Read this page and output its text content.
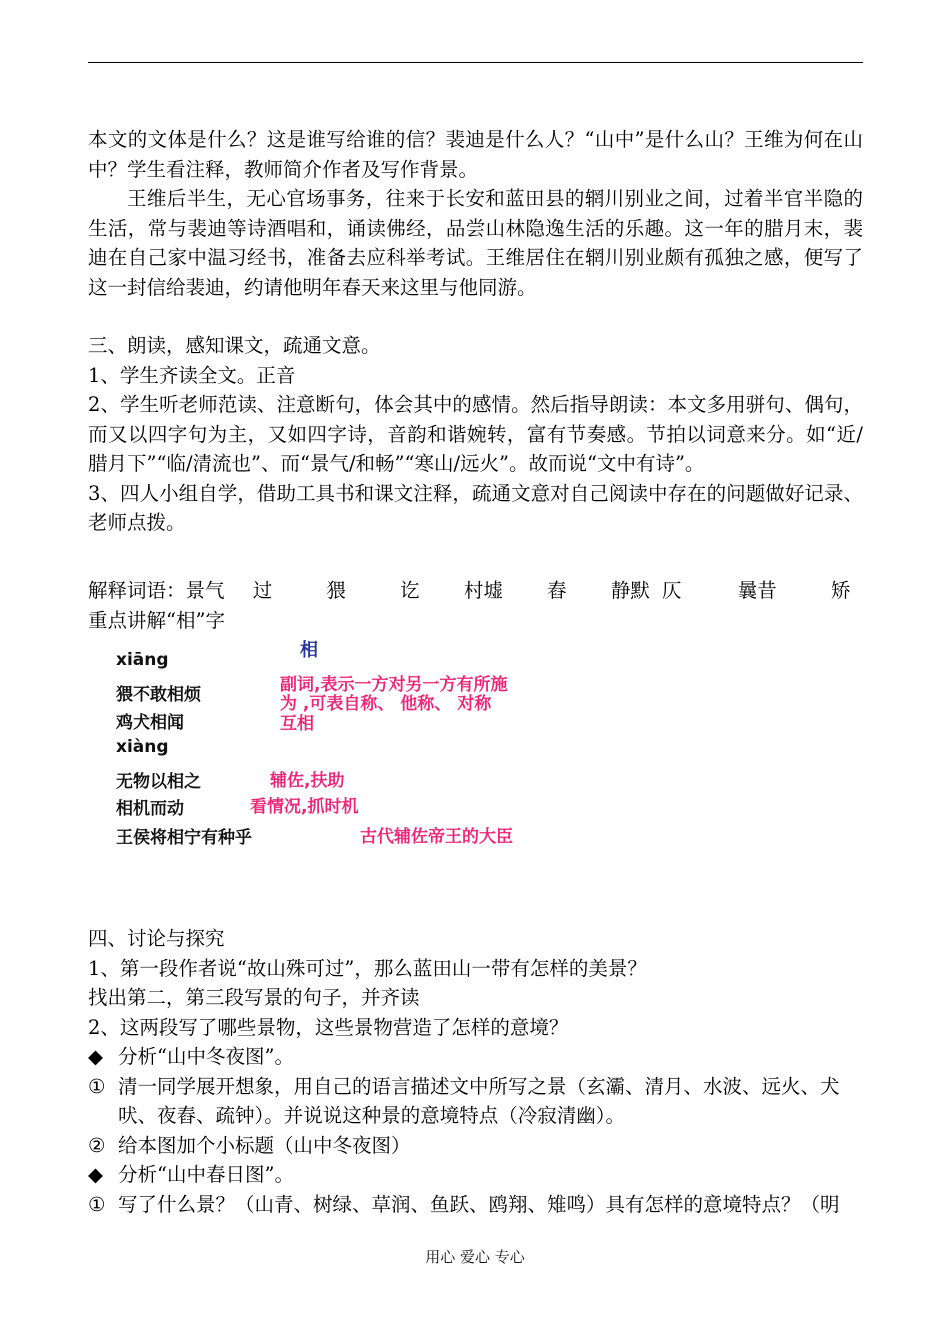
本文的文体是什么？这是谁写给谁的信？裴迪是什么人？“山中”是什么山？王维为何在山中？学生看注释，教师简介作者及写作背景。

王维后半生，无心官场事务，往来于长安和蓝田县的辋川别业之间，过着半官半隐的生活，常与裴迪等诗酒唱和，诵读佛经，品尝山林隐逸生活的乐趣。这一年的腊月末，裴迪在自己家中温习经书，准备去应科举考试。王维居住在辋川别业颇有孤独之感，便写了这一封信给裴迪，约请他明年春天来这里与他同游。

三、朗读，感知课文，疏通文意。

1、学生齐读全文。正音

2、学生听老师范读、注意断句，体会其中的感情。然后指导朗读：本文多用骈句、偶句，而又以四字句为主，又如四字诗，音韵和谐婉转，富有节奏感。节拍以词意来分。如“近/腊月下”“临/清流也”、而“景气/和畅”“寒山/远火”。故而说“文中有诗”。

3、四人小组自学，借助工具书和课文注释，疏通文意对自己阅读中存在的问题做好记录、老师点拨。

解释词语：景气 过	猥	讫 村墟 舂 静默 仄	曩昔	矫
重点讲解“相”字
相
xiāng
猥不敢相烦	副词,表示一方对另一方有所施
为 ,可表自称、 他称、 对称
鸡犬相闻	互相
xiàng
无物以相之	辅佐,扶助
相机而动	看情况,抓时机
王侯将相宁有种乎	古代辅佐帝王的大臣

四、讨论与探究

1、第一段作者说“故山殊可过”，那么蓝田山一带有怎样的美景？

找出第二，第三段写景的句子，并齐读

2、这两段写了哪些景物，这些景物营造了怎样的意境？

◆ 分析“山中冬夜图”。

① 清一同学展开想象，用自己的语言描述文中所写之景（玄灞、清月、水波、远火、犬吠、夜舂、疏钟）。并说说这种景的意境特点（冷寂清幽）。

② 给本图加个小标题（山中冬夜图）

◆ 分析“山中春日图”。

① 写了什么景？（山青、树绿、草润、鱼跃、鸥翔、雉鸣）具有怎样的意境特点？（明

用心 爱心 专心
